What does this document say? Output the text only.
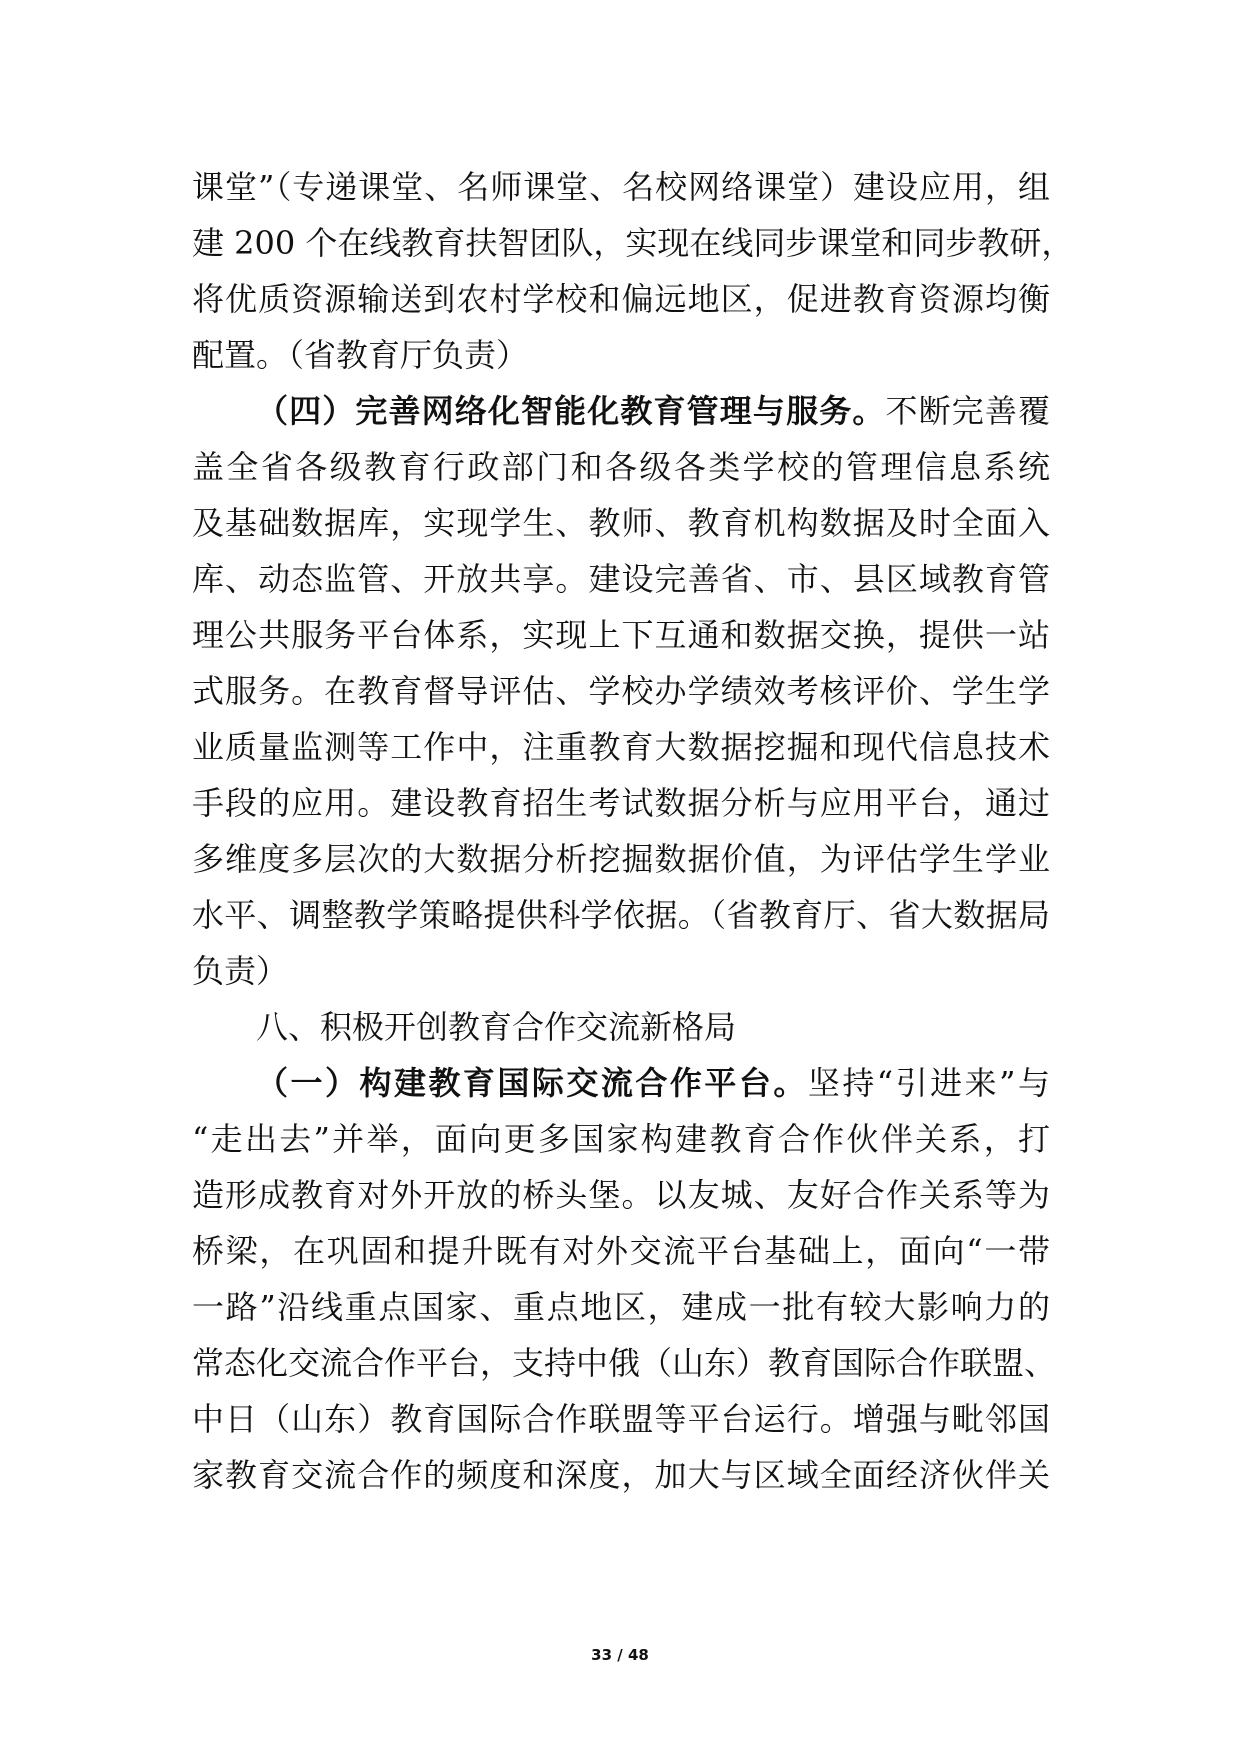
课堂”（专递课堂、名师课堂、名校网络课堂）建设应用，组
建 200 个在线教育扶智团队，实现在线同步课堂和同步教研，
将优质资源输送到农村学校和偏远地区，促进教育资源均衡
配置。（省教育厅负责）
（四）完善网络化智能化教育管理与服务。不断完善覆
盖全省各级教育行政部门和各级各类学校的管理信息系统
及基础数据库，实现学生、教师、教育机构数据及时全面入
库、动态监管、开放共享。建设完善省、市、县区域教育管
理公共服务平台体系，实现上下互通和数据交换，提供一站
式服务。在教育督导评估、学校办学绩效考核评价、学生学
业质量监测等工作中，注重教育大数据挖掘和现代信息技术
手段的应用。建设教育招生考试数据分析与应用平台，通过
多维度多层次的大数据分析挖掘数据价值，为评估学生学业
水平、调整教学策略提供科学依据。（省教育厅、省大数据局
负责）
八、积极开创教育合作交流新格局
（一）构建教育国际交流合作平台。坚持“引进来”与
“走出去”并举，面向更多国家构建教育合作伙伴关系，打
造形成教育对外开放的桥头堡。以友城、友好合作关系等为
桥梁，在巩固和提升既有对外交流平台基础上，面向“一带
一路”沿线重点国家、重点地区，建成一批有较大影响力的
常态化交流合作平台，支持中俄（山东）教育国际合作联盟、
中日（山东）教育国际合作联盟等平台运行。增强与毗邻国
家教育交流合作的频度和深度，加大与区域全面经济伙伴关
33 / 48
